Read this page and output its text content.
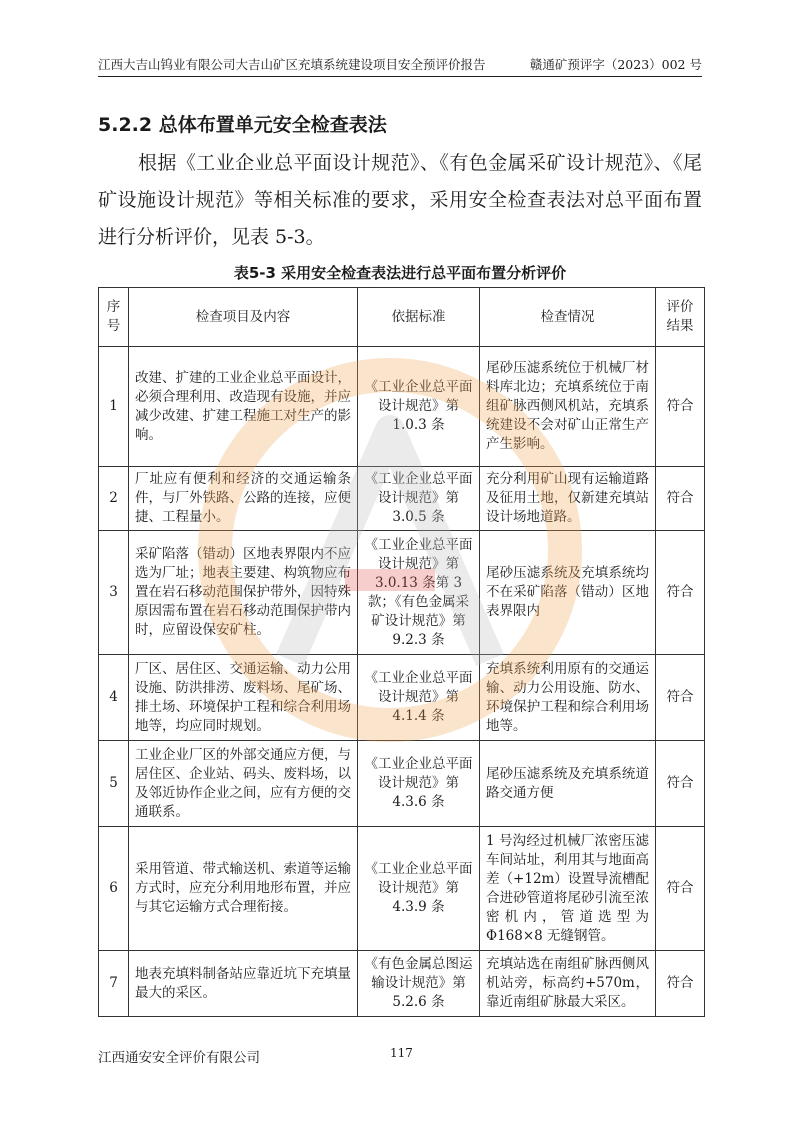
江西大吉山钨业有限公司大吉山矿区充填系统建设项目安全预评价报告	赣通矿预评字（2023）002 号
5.2.2 总体布置单元安全检查表法

根据《工业企业总平面设计规范》、《有色金属采矿设计规范》、《尾矿设施设计规范》等相关标准的要求，采用安全检查表法对总平面布置进行分析评价，见表 5-3。

表5-3 采用安全检查表法进行总平面布置分析评价
序号	检查项目及内容	依据标准	检查情况	评价结果
1	改建、扩建的工业企业总平面设计，必须合理利用、改造现有设施，并应减少改建、扩建工程施工对生产的影响。	《工业企业总平面设计规范》第 1.0.3 条	尾砂压滤系统位于机械厂材料库北边；充填系统位于南组矿脉西侧风机站，充填系统建设不会对矿山正常生产产生影响。	符合
2	厂址应有便利和经济的交通运输条件，与厂外铁路、公路的连接，应便捷、工程量小。	《工业企业总平面设计规范》第 3.0.5 条	充分利用矿山现有运输道路及征用土地，仅新建充填站设计场地道路。	符合
3	采矿陷落（错动）区地表界限内不应选为厂址；地表主要建、构筑物应布置在岩石移动范围保护带外，因特殊原因需布置在岩石移动范围保护带内时，应留设保安矿柱。	《工业企业总平面设计规范》第 3.0.13 条第 3 款；《有色金属采矿设计规范》第 9.2.3 条	尾砂压滤系统及充填系统均不在采矿陷落（错动）区地表界限内	符合
4	厂区、居住区、交通运输、动力公用设施、防洪排涝、废料场、尾矿场、排土场、环境保护工程和综合利用场地等，均应同时规划。	《工业企业总平面设计规范》第 4.1.4 条	充填系统利用原有的交通运输、动力公用设施、防水、环境保护工程和综合利用场地等。	符合
5	工业企业厂区的外部交通应方便，与居住区、企业站、码头、废料场，以及邻近协作企业之间，应有方便的交通联系。	《工业企业总平面设计规范》第 4.3.6 条	尾砂压滤系统及充填系统道路交通方便	符合
6	采用管道、带式输送机、索道等运输方式时，应充分利用地形布置，并应与其它运输方式合理衔接。	《工业企业总平面设计规范》第 4.3.9 条	1 号沟经过机械厂浓密压滤车间站址，利用其与地面高差（+12m）设置导流槽配合进砂管道将尾砂引流至浓密机内，管道选型为Φ168×8 无缝钢管。	符合
7	地表充填料制备站应靠近坑下充填量最大的采区。	《有色金属总图运输设计规范》第 5.2.6 条	充填站选在南组矿脉西侧风机站旁，标高约+570m，靠近南组矿脉最大采区。	符合
江西通安安全评价有限公司	117
